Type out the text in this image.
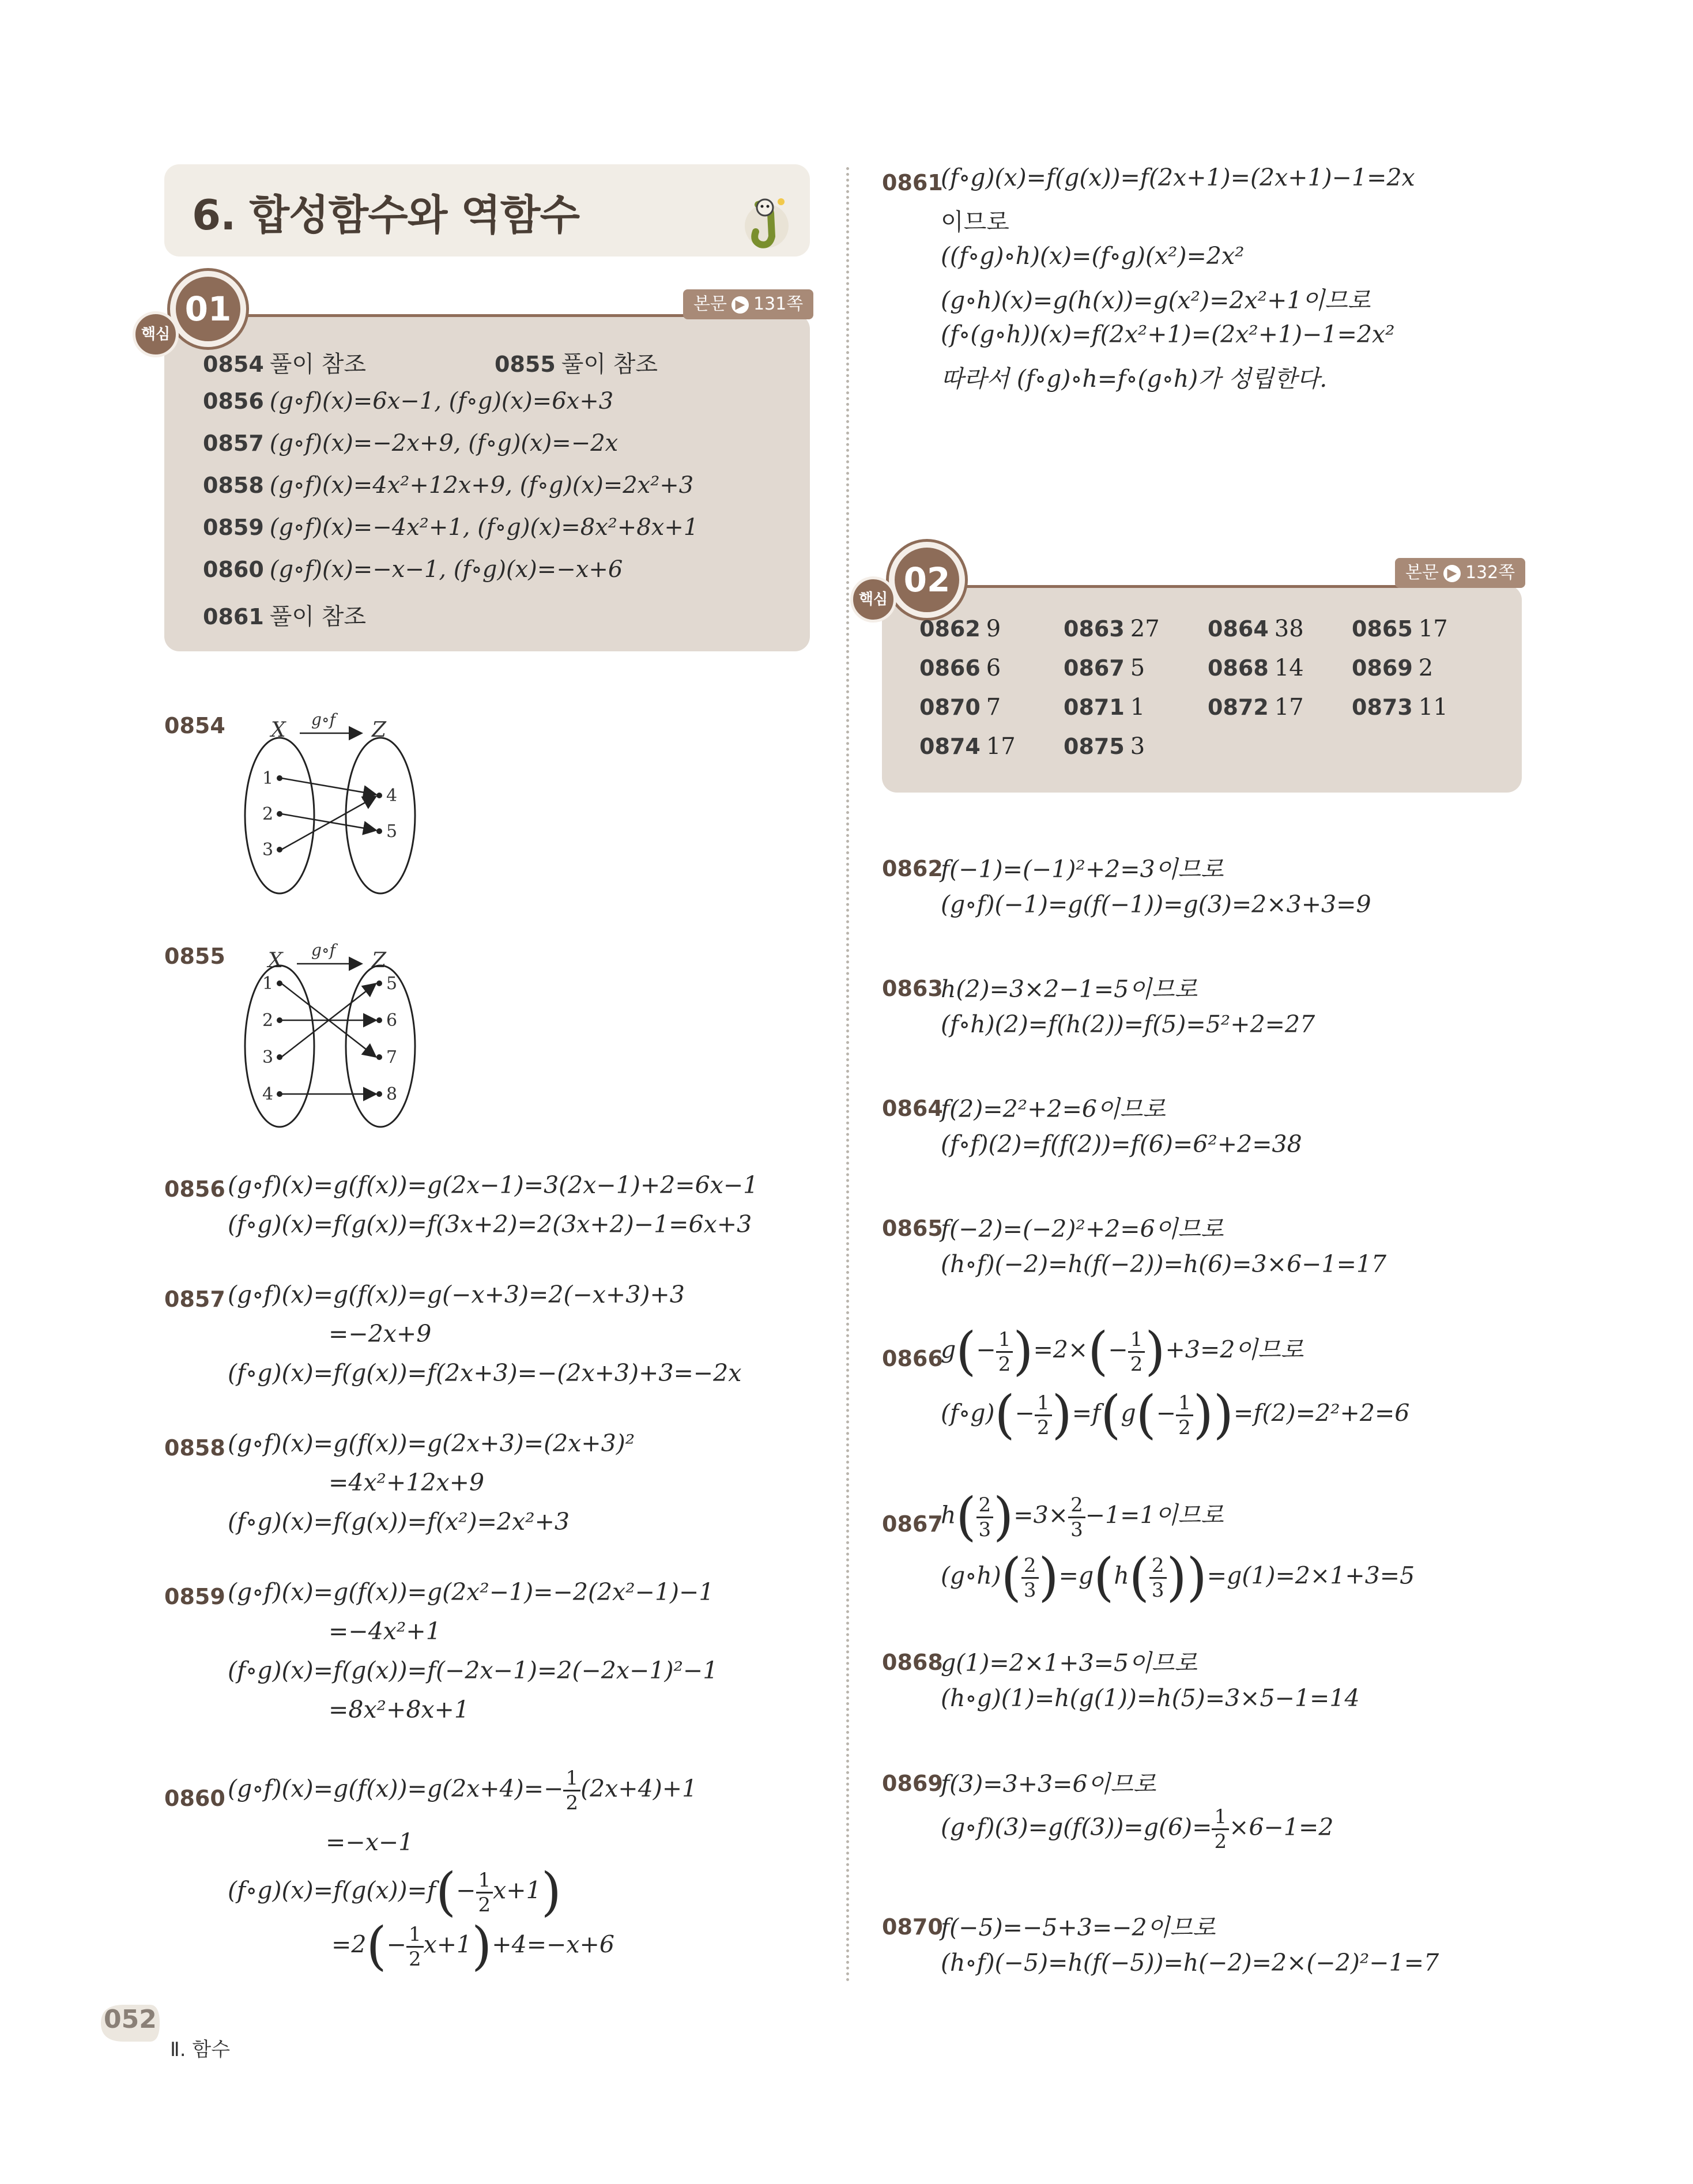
6. 합성함수와 역함수
01
핵심
본문 ▶ 131쪽
0854 풀이 참조	0855 풀이 참조
0856 (g∘f)(x)=6x−1, (f∘g)(x)=6x+3
0857 (g∘f)(x)=−2x+9, (f∘g)(x)=−2x
0858 (g∘f)(x)=4x²+12x+9, (f∘g)(x)=2x²+3
0859 (g∘f)(x)=−4x²+1, (f∘g)(x)=8x²+8x+1
0860 (g∘f)(x)=−x−1, (f∘g)(x)=−x+6
0861 풀이 참조
0854 X	Z
g∘f
1
2
3
4
5
0855 X	Z
g∘f
1
2
3
4
5
6
7
8
0856 (g∘f)(x)=g(f(x))=g(2x−1)=3(2x−1)+2=6x−1
(f∘g)(x)=f(g(x))=f(3x+2)=2(3x+2)−1=6x+3
0857 (g∘f)(x)=g(f(x))=g(−x+3)=2(−x+3)+3
=−2x+9
(f∘g)(x)=f(g(x))=f(2x+3)=−(2x+3)+3=−2x
0858 (g∘f)(x)=g(f(x))=g(2x+3)=(2x+3)²
=4x²+12x+9
(f∘g)(x)=f(g(x))=f(x²)=2x²+3
0859 (g∘f)(x)=g(f(x))=g(2x²−1)=−2(2x²−1)−1
=−4x²+1
(f∘g)(x)=f(g(x))=f(−2x−1)=2(−2x−1)²−1
=8x²+8x+1
0860 (g∘f)(x)=g(f(x))=g(2x+4)=− $\frac{1}{2} (2x+4)+1$
=−x−1
(f∘g)(x)=f(g(x))=f(− $\frac{1}{2} x+1$)
$=2(- \frac{1}{2} x+1)+4=-x+6$
0861
(f∘g)(x)=f(g(x))=f(2x+1)=(2x+1)−1=2x
이므로
((f∘g)∘h)(x)=(f∘g)(x²)=2x²
(g∘h)(x)=g(h(x))=g(x²)=2x²+1이므로
(f∘(g∘h))(x)=f(2x²+1)=(2x²+1)−1=2x²
따라서 (f∘g)∘h=f∘(g∘h)가 성립한다.
02
핵심
본문 ▶ 132쪽
0862 9	0863 27	0864 38	0865 17
0866 6	0867 5	0868 14	0869 2
0870 7	0871 1	0872 17	0873 11
0874 17	0875 3
0862
f(−1)=(−1)²+2=3이므로
(g∘f)(−1)=g(f(−1))=g(3)=2×3+3=9
0863
h(2)=3×2−1=5이므로
(f∘h)(2)=f(h(2))=f(5)=5²+2=27
0864
f(2)=2²+2=6이므로
(f∘f)(2)=f(f(2))=f(6)=6²+2=38
0865
f(−2)=(−2)²+2=6이므로
(h∘f)(−2)=h(f(−2))=h(6)=3×6−1=17
0866
$g(- \frac{1}{2} )=2\times(- \frac{1}{2} )+3=2$이므로
(f∘g)(− $\frac{1}{2} )=f(g(- \frac{1}{2} ))=f(2)=2^2+2=6$
0867
$h( \frac{2}{3} )=3\times \frac{2}{3} -1=1$이므로
(g∘h)( $\frac{2}{3} )=g(h( \frac{2}{3} ))=g(1)=2\times 1+3=5$
0868
g(1)=2×1+3=5이므로
(h∘g)(1)=h(g(1))=h(5)=3×5−1=14
0869
f(3)=3+3=6이므로
(g∘f)(3)=g(f(3))=g(6)= $\frac{1}{2} \times 6-1=2$
0870
f(−5)=−5+3=−2이므로
(h∘f)(−5)=h(f(−5))=h(−2)=2×(−2)²−1=7
052
Ⅱ. 함수
